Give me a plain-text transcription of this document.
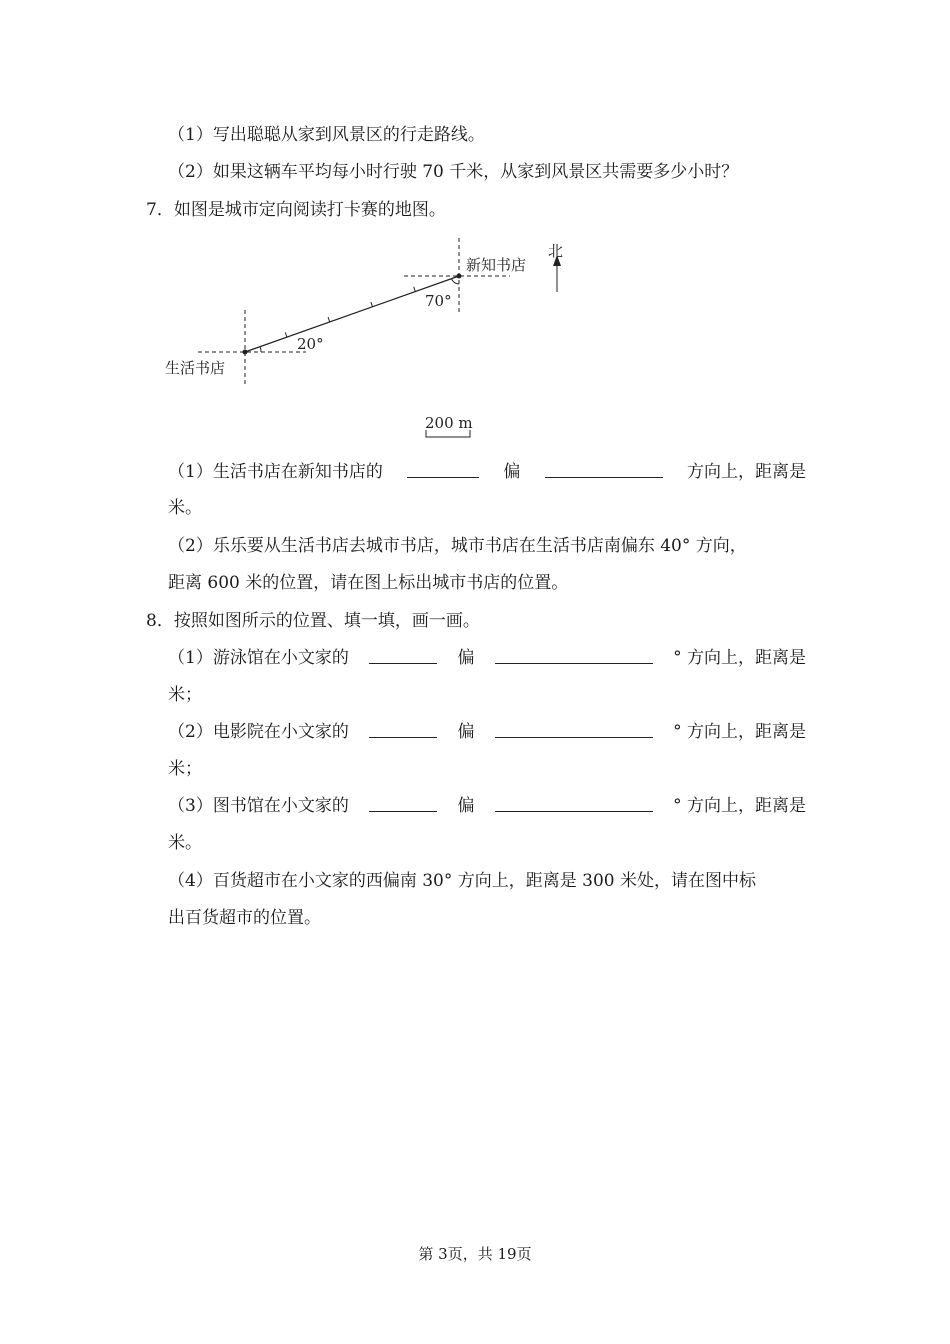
（1）写出聪聪从家到风景区的行走路线。
（2）如果这辆车平均每小时行驶 70 千米，从家到风景区共需要多少小时？
7．如图是城市定向阅读打卡赛的地图。
新知书店
北
生活书店
70°
20°
200 m
（1）生活书店在新知书店的	偏	方向上，距离是
米。
（2）乐乐要从生活书店去城市书店，城市书店在生活书店南偏东 40° 方向，
距离 600 米的位置，请在图上标出城市书店的位置。
8．按照如图所示的位置、填一填，画一画。
（1）游泳馆在小文家的	偏	° 方向上，距离是
米；
（2）电影院在小文家的	偏	° 方向上，距离是
米；
（3）图书馆在小文家的	偏	° 方向上，距离是
米。
（4）百货超市在小文家的西偏南 30° 方向上，距离是 300 米处，请在图中标
出百货超市的位置。
第 3页，共 19页
